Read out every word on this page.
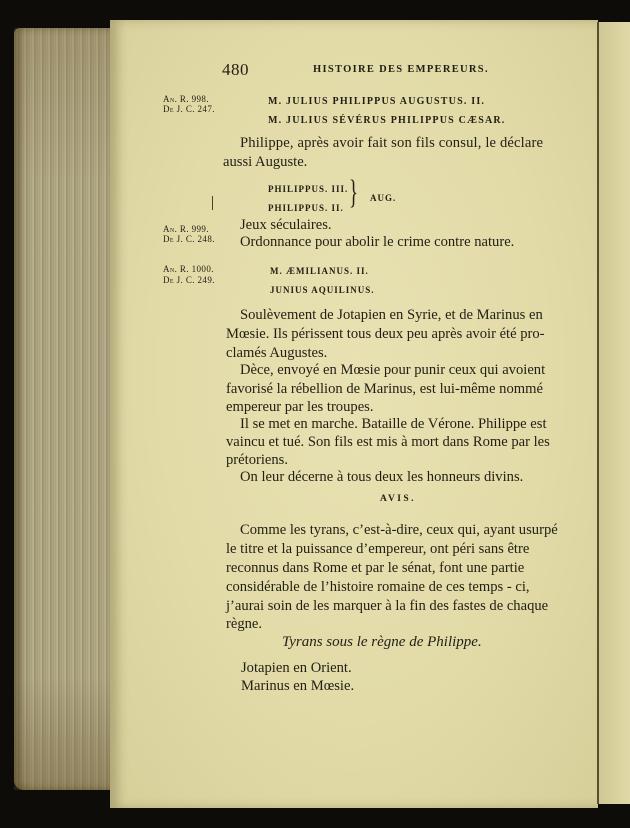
480	HISTOIRE DES EMPEREURS.
An. R. 998.
De J. C. 247.
M. JULIUS PHILIPPUS AUGUSTUS. II.
M. JULIUS SÉVÉRUS PHILIPPUS CÆSAR.
Philippe, après avoir fait son fils consul, le déclare
aussi Auguste.
PHILIPPUS. III.
PHILIPPUS. II. } AUG.
An. R. 999.
De J. C. 248.
Jeux séculaires.
Ordonnance pour abolir le crime contre nature.
An. R. 1000.
De J. C. 249.
M. ÆMILIANUS. II.
JUNIUS AQUILINUS.
Soulèvement de Jotapien en Syrie, et de Marinus en
Mœsie. Ils périssent tous deux peu après avoir été pro-
clamés Augustes.
Dèce, envoyé en Mœsie pour punir ceux qui avoient
favorisé la rébellion de Marinus, est lui-même nommé
empereur par les troupes.
Il se met en marche. Bataille de Vérone. Philippe est
vaincu et tué. Son fils est mis à mort dans Rome par les
prétoriens.
On leur décerne à tous deux les honneurs divins.
AVIS.
Comme les tyrans, c’est-à-dire, ceux qui, ayant usurpé
le titre et la puissance d’empereur, ont péri sans être
reconnus dans Rome et par le sénat, font une partie
considérable de l’histoire romaine de ces temps - ci,
j’aurai soin de les marquer à la fin des fastes de chaque
règne.
Tyrans sous le règne de Philippe.
Jotapien en Orient.
Marinus en Mœsie.
